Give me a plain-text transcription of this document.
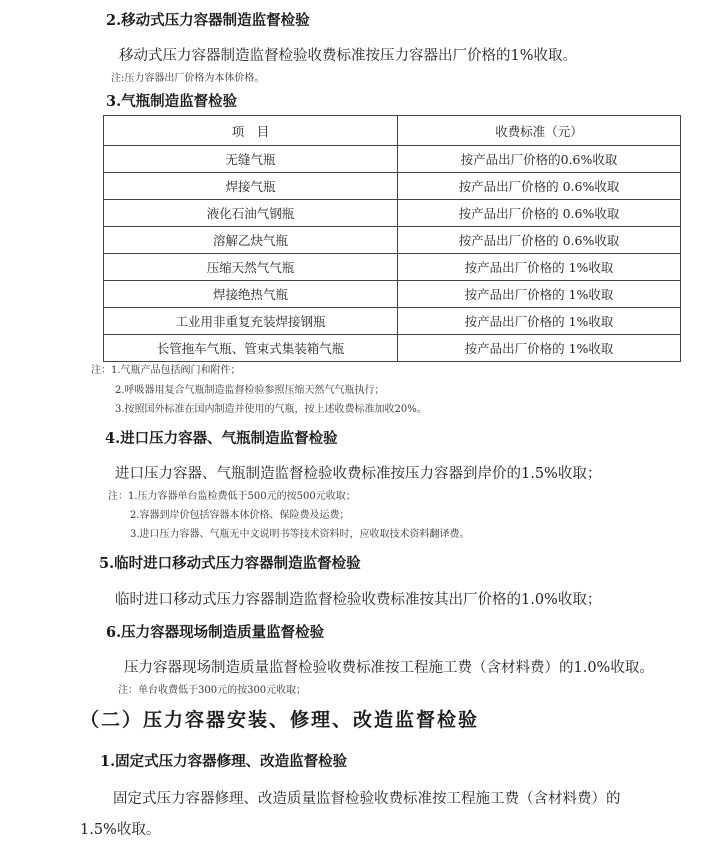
2.移动式压力容器制造监督检验
移动式压力容器制造监督检验收费标准按压力容器出厂价格的1%收取。
注:压力容器出厂价格为本体价格。
3.气瓶制造监督检验
项　目	收费标准（元）
无缝气瓶	按产品出厂价格的0.6%收取
焊接气瓶	按产品出厂价格的 0.6%收取
液化石油气钢瓶	按产品出厂价格的 0.6%收取
溶解乙炔气瓶	按产品出厂价格的 0.6%收取
压缩天然气气瓶	按产品出厂价格的 1%收取
焊接绝热气瓶	按产品出厂价格的 1%收取
工业用非重复充装焊接钢瓶	按产品出厂价格的 1%收取
长管拖车气瓶、管束式集装箱气瓶	按产品出厂价格的 1%收取
注：1.气瓶产品包括阀门和附件；
2.呼吸器用复合气瓶制造监督检验参照压缩天然气气瓶执行；
3.按照国外标准在国内制造并使用的气瓶，按上述收费标准加收20%。
4.进口压力容器、气瓶制造监督检验
进口压力容器、气瓶制造监督检验收费标准按压力容器到岸价的1.5%收取；
注：1.压力容器单台监检费低于500元的按500元收取；
2.容器到岸价包括容器本体价格、保险费及运费；
3.进口压力容器、气瓶无中文说明书等技术资料时，应收取技术资料翻译费。
5.临时进口移动式压力容器制造监督检验
临时进口移动式压力容器制造监督检验收费标准按其出厂价格的1.0%收取；
6.压力容器现场制造质量监督检验
压力容器现场制造质量监督检验收费标准按工程施工费（含材料费）的1.0%收取。
注：单台收费低于300元的按300元收取；
（二）压力容器安装、修理、改造监督检验
1.固定式压力容器修理、改造监督检验
固定式压力容器修理、改造质量监督检验收费标准按工程施工费（含材料费）的
1.5%收取。
